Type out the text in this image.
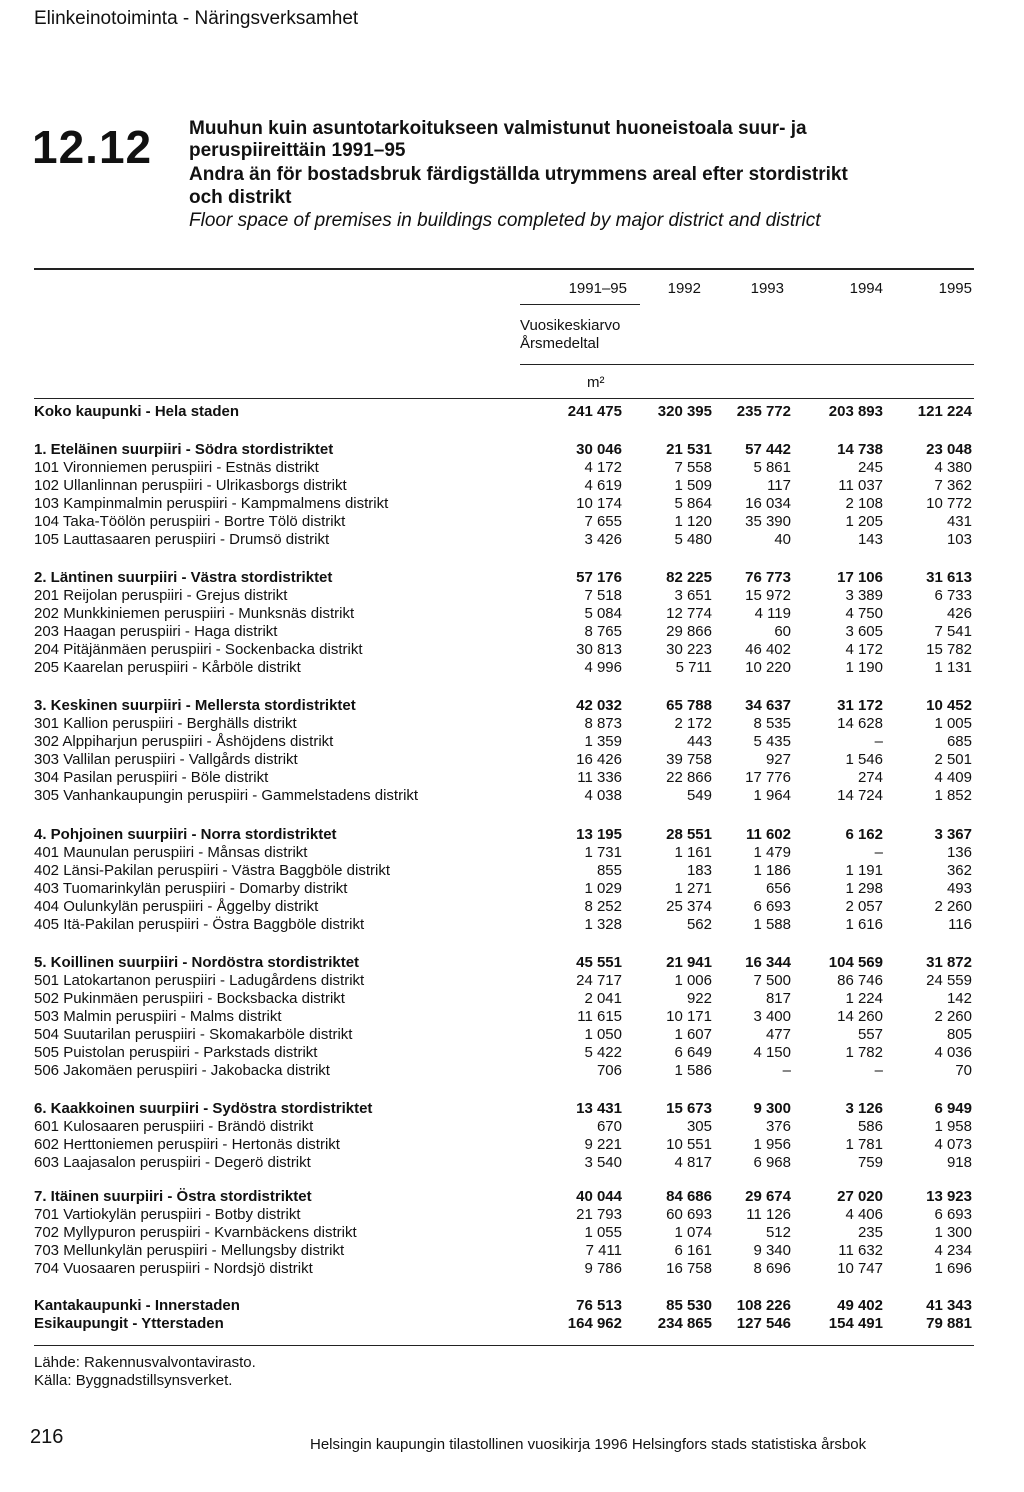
Elinkeinotoiminta - Näringsverksamhet
12.12 Muuhun kuin asuntotarkoitukseen valmistunut huoneistoala suur- ja
peruspiireittäin 1991–95
Andra än för bostadsbruk färdigställda utrymmens areal efter stordistrikt
och distrikt
Floor space of premises in buildings completed by major district and district
1991–95	1992	1993	1994	1995
Vuosikeskiarvo
Årsmedeltal
m²
Koko kaupunki - Hela staden	241 475	320 395	235 772	203 893	121 224
1. Eteläinen suurpiiri - Södra stordistriktet	30 046	21 531	57 442	14 738	23 048
101 Vironniemen peruspiiri - Estnäs distrikt	4 172	7 558	5 861	245	4 380
102 Ullanlinnan peruspiiri - Ulrikasborgs distrikt	4 619	1 509	117	11 037	7 362
103 Kampinmalmin peruspiiri - Kampmalmens distrikt	10 174	5 864	16 034	2 108	10 772
104 Taka-Töölön peruspiiri - Bortre Tölö distrikt	7 655	1 120	35 390	1 205	431
105 Lauttasaaren peruspiiri - Drumsö distrikt	3 426	5 480	40	143	103
2. Läntinen suurpiiri - Västra stordistriktet	57 176	82 225	76 773	17 106	31 613
201 Reijolan peruspiiri - Grejus distrikt	7 518	3 651	15 972	3 389	6 733
202 Munkkiniemen peruspiiri - Munksnäs distrikt	5 084	12 774	4 119	4 750	426
203 Haagan peruspiiri - Haga distrikt	8 765	29 866	60	3 605	7 541
204 Pitäjänmäen peruspiiri - Sockenbacka distrikt	30 813	30 223	46 402	4 172	15 782
205 Kaarelan peruspiiri - Kårböle distrikt	4 996	5 711	10 220	1 190	1 131
3. Keskinen suurpiiri - Mellersta stordistriktet	42 032	65 788	34 637	31 172	10 452
301 Kallion peruspiiri - Berghälls distrikt	8 873	2 172	8 535	14 628	1 005
302 Alppiharjun peruspiiri - Åshöjdens distrikt	1 359	443	5 435	–	685
303 Vallilan peruspiiri - Vallgårds distrikt	16 426	39 758	927	1 546	2 501
304 Pasilan peruspiiri - Böle distrikt	11 336	22 866	17 776	274	4 409
305 Vanhankaupungin peruspiiri - Gammelstadens distrikt	4 038	549	1 964	14 724	1 852
4. Pohjoinen suurpiiri - Norra stordistriktet	13 195	28 551	11 602	6 162	3 367
401 Maunulan peruspiiri - Månsas distrikt	1 731	1 161	1 479	–	136
402 Länsi-Pakilan peruspiiri - Västra Baggböle distrikt	855	183	1 186	1 191	362
403 Tuomarinkylän peruspiiri - Domarby distrikt	1 029	1 271	656	1 298	493
404 Oulunkylän peruspiiri - Åggelby distrikt	8 252	25 374	6 693	2 057	2 260
405 Itä-Pakilan peruspiiri - Östra Baggböle distrikt	1 328	562	1 588	1 616	116
5. Koillinen suurpiiri - Nordöstra stordistriktet	45 551	21 941	16 344	104 569	31 872
501 Latokartanon peruspiiri - Ladugårdens distrikt	24 717	1 006	7 500	86 746	24 559
502 Pukinmäen peruspiiri - Bocksbacka distrikt	2 041	922	817	1 224	142
503 Malmin peruspiiri - Malms distrikt	11 615	10 171	3 400	14 260	2 260
504 Suutarilan peruspiiri - Skomakarböle distrikt	1 050	1 607	477	557	805
505 Puistolan peruspiiri - Parkstads distrikt	5 422	6 649	4 150	1 782	4 036
506 Jakomäen peruspiiri - Jakobacka distrikt	706	1 586	–	–	70
6. Kaakkoinen suurpiiri - Sydöstra stordistriktet	13 431	15 673	9 300	3 126	6 949
601 Kulosaaren peruspiiri - Brändö distrikt	670	305	376	586	1 958
602 Herttoniemen peruspiiri - Hertonäs distrikt	9 221	10 551	1 956	1 781	4 073
603 Laajasalon peruspiiri - Degerö distrikt	3 540	4 817	6 968	759	918
7. Itäinen suurpiiri - Östra stordistriktet	40 044	84 686	29 674	27 020	13 923
701 Vartiokylän peruspiiri - Botby distrikt	21 793	60 693	11 126	4 406	6 693
702 Myllypuron peruspiiri - Kvarnbäckens distrikt	1 055	1 074	512	235	1 300
703 Mellunkylän peruspiiri - Mellungsby distrikt	7 411	6 161	9 340	11 632	4 234
704 Vuosaaren peruspiiri - Nordsjö distrikt	9 786	16 758	8 696	10 747	1 696
Kantakaupunki - Innerstaden	76 513	85 530	108 226	49 402	41 343
Esikaupungit - Ytterstaden	164 962	234 865	127 546	154 491	79 881
Lähde: Rakennusvalvontavirasto.
Källa: Byggnadstillsynsverket.
216	Helsingin kaupungin tilastollinen vuosikirja 1996 Helsingfors stads statistiska årsbok
